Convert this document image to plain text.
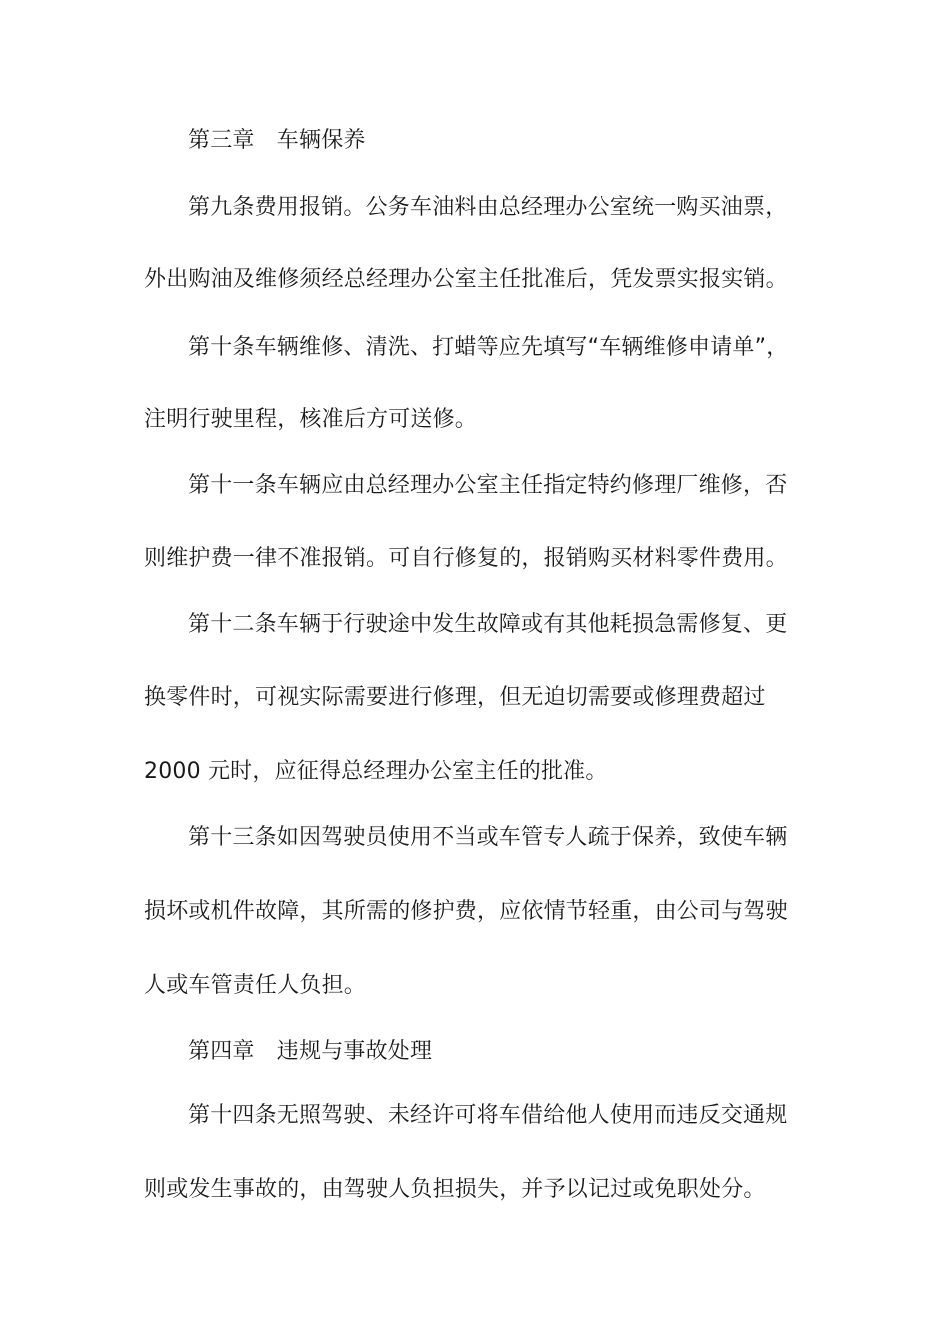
第三章　车辆保养
第九条费用报销。公务车油料由总经理办公室统一购买油票，
外出购油及维修须经总经理办公室主任批准后，凭发票实报实销。
第十条车辆维修、清洗、打蜡等应先填写“车辆维修申请单”，
注明行驶里程，核准后方可送修。
第十一条车辆应由总经理办公室主任指定特约修理厂维修，否
则维护费一律不准报销。可自行修复的，报销购买材料零件费用。
第十二条车辆于行驶途中发生故障或有其他耗损急需修复、更
换零件时，可视实际需要进行修理，但无迫切需要或修理费超过
2000 元时，应征得总经理办公室主任的批准。
第十三条如因驾驶员使用不当或车管专人疏于保养，致使车辆
损坏或机件故障，其所需的修护费，应依情节轻重，由公司与驾驶
人或车管责任人负担。
第四章　违规与事故处理
第十四条无照驾驶、未经许可将车借给他人使用而违反交通规
则或发生事故的，由驾驶人负担损失，并予以记过或免职处分。
